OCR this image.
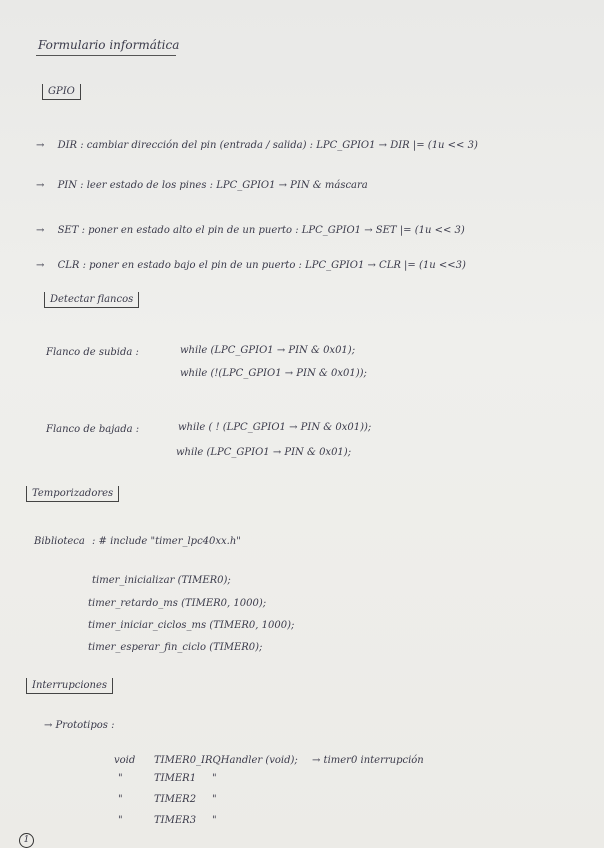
Formulario informática
GPIO
→ DIR : cambiar dirección del pin (entrada / salida) : LPC_GPIO1 → DIR |= (1u << 3)
→ PIN : leer estado de los pines : LPC_GPIO1 → PIN & máscara
→ SET : poner en estado alto el pin de un puerto : LPC_GPIO1 → SET |= (1u << 3)
→ CLR : poner en estado bajo el pin de un puerto : LPC_GPIO1 → CLR |= (1u <<3)
Detectar flancos
Flanco de subida :	while (LPC_GPIO1 → PIN & 0x01);
while (!(LPC_GPIO1 → PIN & 0x01));
Flanco de bajada :	while ( ! (LPC_GPIO1 → PIN & 0x01));
while (LPC_GPIO1 → PIN & 0x01);
Temporizadores
Biblioteca : # include "timer_lpc40xx.h"
timer_inicializar (TIMER0);
timer_retardo_ms (TIMER0, 1000);
timer_iniciar_ciclos_ms (TIMER0, 1000);
timer_esperar_fin_ciclo (TIMER0);
Interrupciones
→ Prototipos :
void TIMER0_IRQHandler (void); → timer0 interrupción
"	TIMER1 "
"	TIMER2 "
"	TIMER3 "
1
